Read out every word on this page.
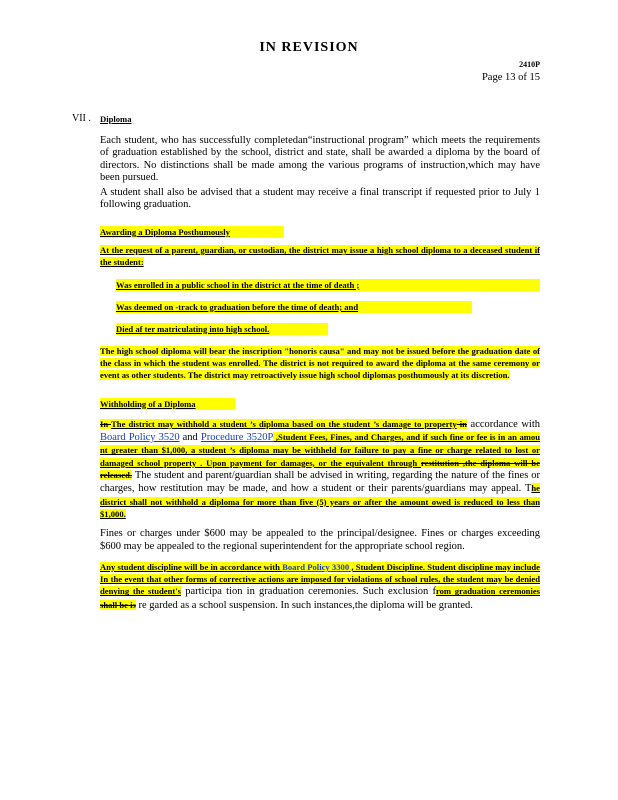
IN REVISION
2410P
Page 13 of 15
VII . Diploma

Each student, who has successfully completedan“instructional program” which meets the requirements of graduation established by the school, district and state, shall be awarded a diploma by the board of directors. No distinctions shall be made among the various programs of instruction,which may have been pursued.

A student shall also be advised that a student may receive a final transcript if requested prior to July 1 following graduation.

Awarding a Diploma Posthumously
At the request of a parent, guardian, or custodian, the district may issue a high school diploma to a deceased student if the student:
Was enrolled in a public school in the district at the time of death ;
Was deemed on -track to graduation before the time of death; and
Died af ter matriculating into high school.
The high school diploma will bear the inscription "honoris causa" and may not be issued before the graduation date of the class in which the student was enrolled. The district is not required to award the diploma at the same ceremony or event as other students. The district may retroactively issue high school diplomas posthumously at its discretion.
Withholding of a Diploma
In The district may withhold a student ’s diploma based on the student ’s damage to property in accordance with Board Policy 3520 and Procedure 3520P ,Student Fees, Fines, and Charges, and if such fine or fee is in an amou nt greater than $1,000, a student ’s diploma may be withheld for failure to pay a fine or charge related to lost or damaged school property . Upon payment for damages, or the equivalent through restitution ,the diploma will be released. The student and parent/guardian shall be advised in writing, regarding the nature of the fines or charges, how restitution may be made, and how a student or their parents/guardians may appeal. The district shall not withhold a diploma for more than five (5) years or after the amount owed is reduced to less than $1,000.

Fines or charges under $600 may be appealed to the principal/designee. Fines or charges exceeding $600 may be appealed to the regional superintendent for the appropriate school region.

Any student discipline will be in accordance with Board Policy 3300 , Student Discipline. Student discipline may include In the event that other forms of corrective actions are imposed for violations of school rules, the student may be denied denying the student's participa tion in graduation ceremonies. Such exclusion from graduation ceremonies shall be is re garded as a school suspension. In such instances,the diploma will be granted.
